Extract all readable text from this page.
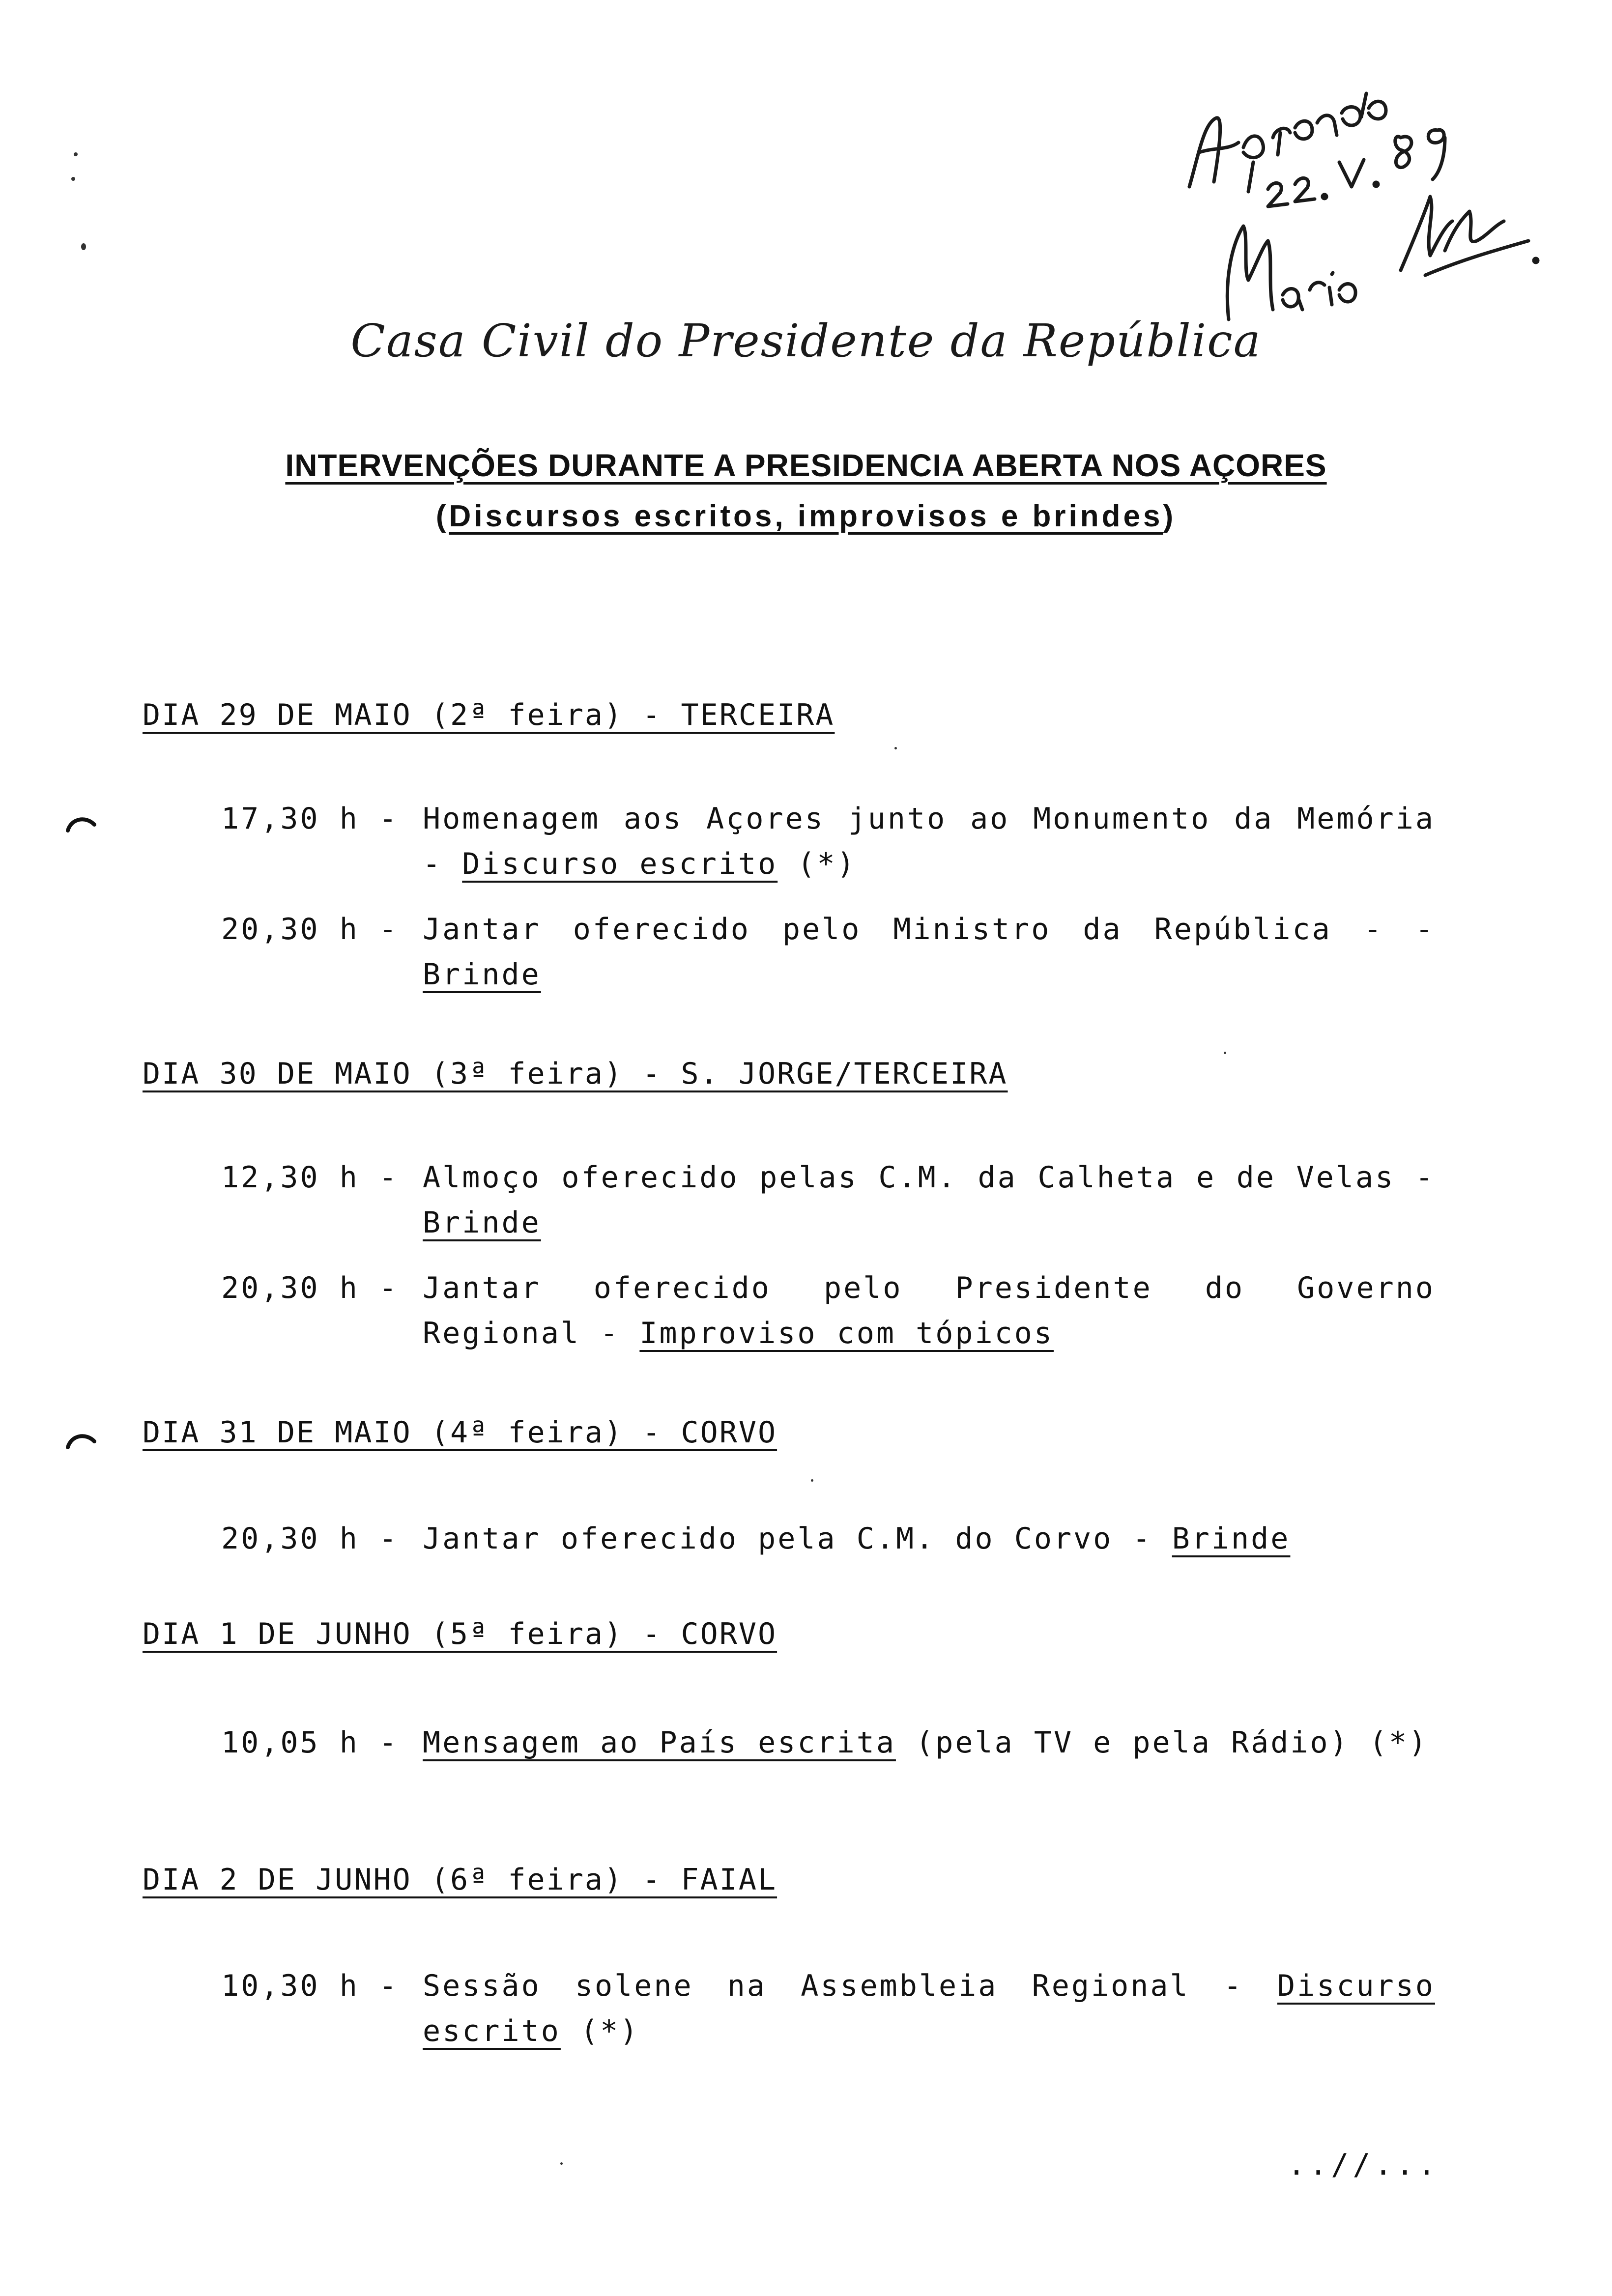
Casa Civil do Presidente da República
INTERVENÇÕES DURANTE A PRESIDENCIA ABERTA NOS AÇORES
(Discursos escritos, improvisos e brindes)
DIA 29 DE MAIO (2ª feira) - TERCEIRA
17,30 h - Homenagem aos Açores junto ao Monumento da Memória - Discurso escrito (*)
20,30 h - Jantar oferecido pelo Ministro da República - - Brinde
DIA 30 DE MAIO (3ª feira) - S. JORGE/TERCEIRA
12,30 h - Almoço oferecido pelas C.M. da Calheta e de Velas - Brinde
20,30 h - Jantar oferecido pelo Presidente do Governo Regional - Improviso com tópicos
DIA 31 DE MAIO (4ª feira) - CORVO
20,30 h - Jantar oferecido pela C.M. do Corvo - Brinde
DIA 1 DE JUNHO (5ª feira) - CORVO
10,05 h - Mensagem ao País escrita (pela TV e pela Rádio) (*)
DIA 2 DE JUNHO (6ª feira) - FAIAL
10,30 h - Sessão solene na Assembleia Regional - Discurso escrito (*)
..//...
